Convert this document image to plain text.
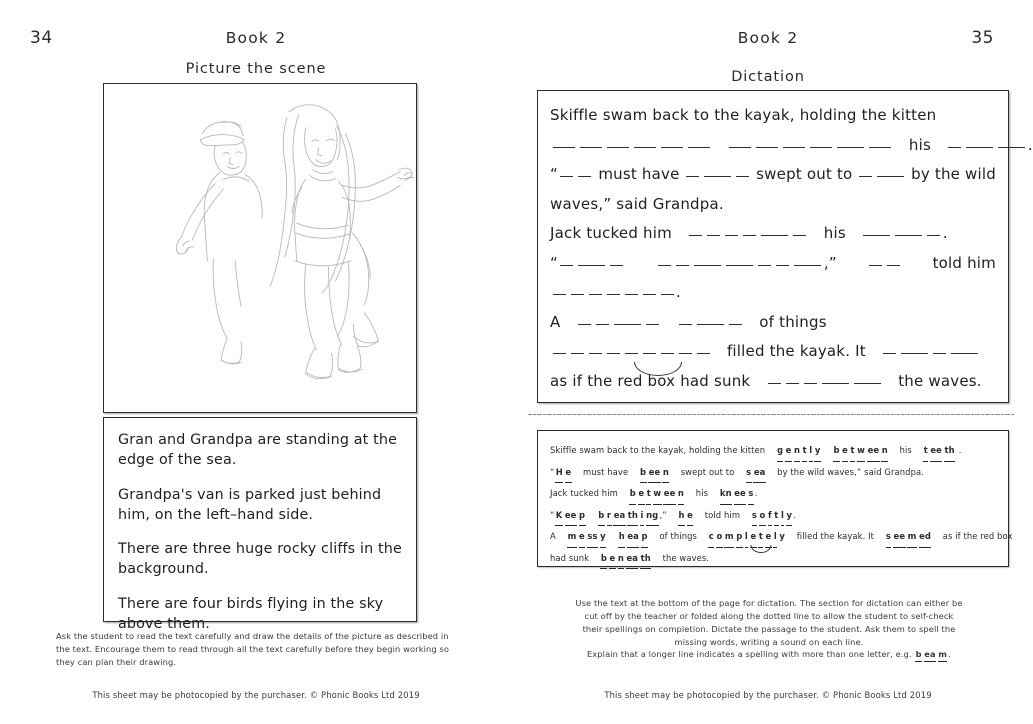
34	Book 2
Picture the scene

Gran and Grandpa are standing at the edge of the sea.

Grandpa's van is parked just behind him, on the left–hand side.

There are three huge rocky cliffs in the background.

There are four birds flying in the sky above them.

Ask the student to read the text carefully and draw the details of the picture as described in the text. Encourage them to read through all the text carefully before they begin working so they can plan their drawing.
This sheet may be photocopied by the purchaser. © Phonic Books Ltd 2019
35
Book 2
Dictation
Skiffle swam back to the kayak, holding the kitten
his	.
“	must have	swept out to	by the wild
waves,” said Grandpa.
Jack tucked him	his	.
“	,”	told him
.
A	of things
filled the kayak. It
as if the red box had sunk	the waves.
Skiffle swam back to the kayak, holding the kitten g e n t l y b e t w ee n his t ee th .
“H e must have b ee n swept out to s ea by the wild waves,” said Grandpa.
Jack tucked him b e t w ee n his kn ee s.
“K ee p b r ea th i ng,” h e told him s o f t l y.
A m e ss y h ea p of things c o m p l e t e l y filled the kayak. It s ee m ed as if the red box
had sunk b e n ea th the waves.
Use the text at the bottom of the page for dictation. The section for dictation can either be cut off by the teacher or folded along the dotted line to allow the student to self-check their spellings on completion. Dictate the passage to the student. Ask them to spell the missing words, writing a sound on each line.
Explain that a longer line indicates a spelling with more than one letter, e.g. b ea m.
This sheet may be photocopied by the purchaser. © Phonic Books Ltd 2019
